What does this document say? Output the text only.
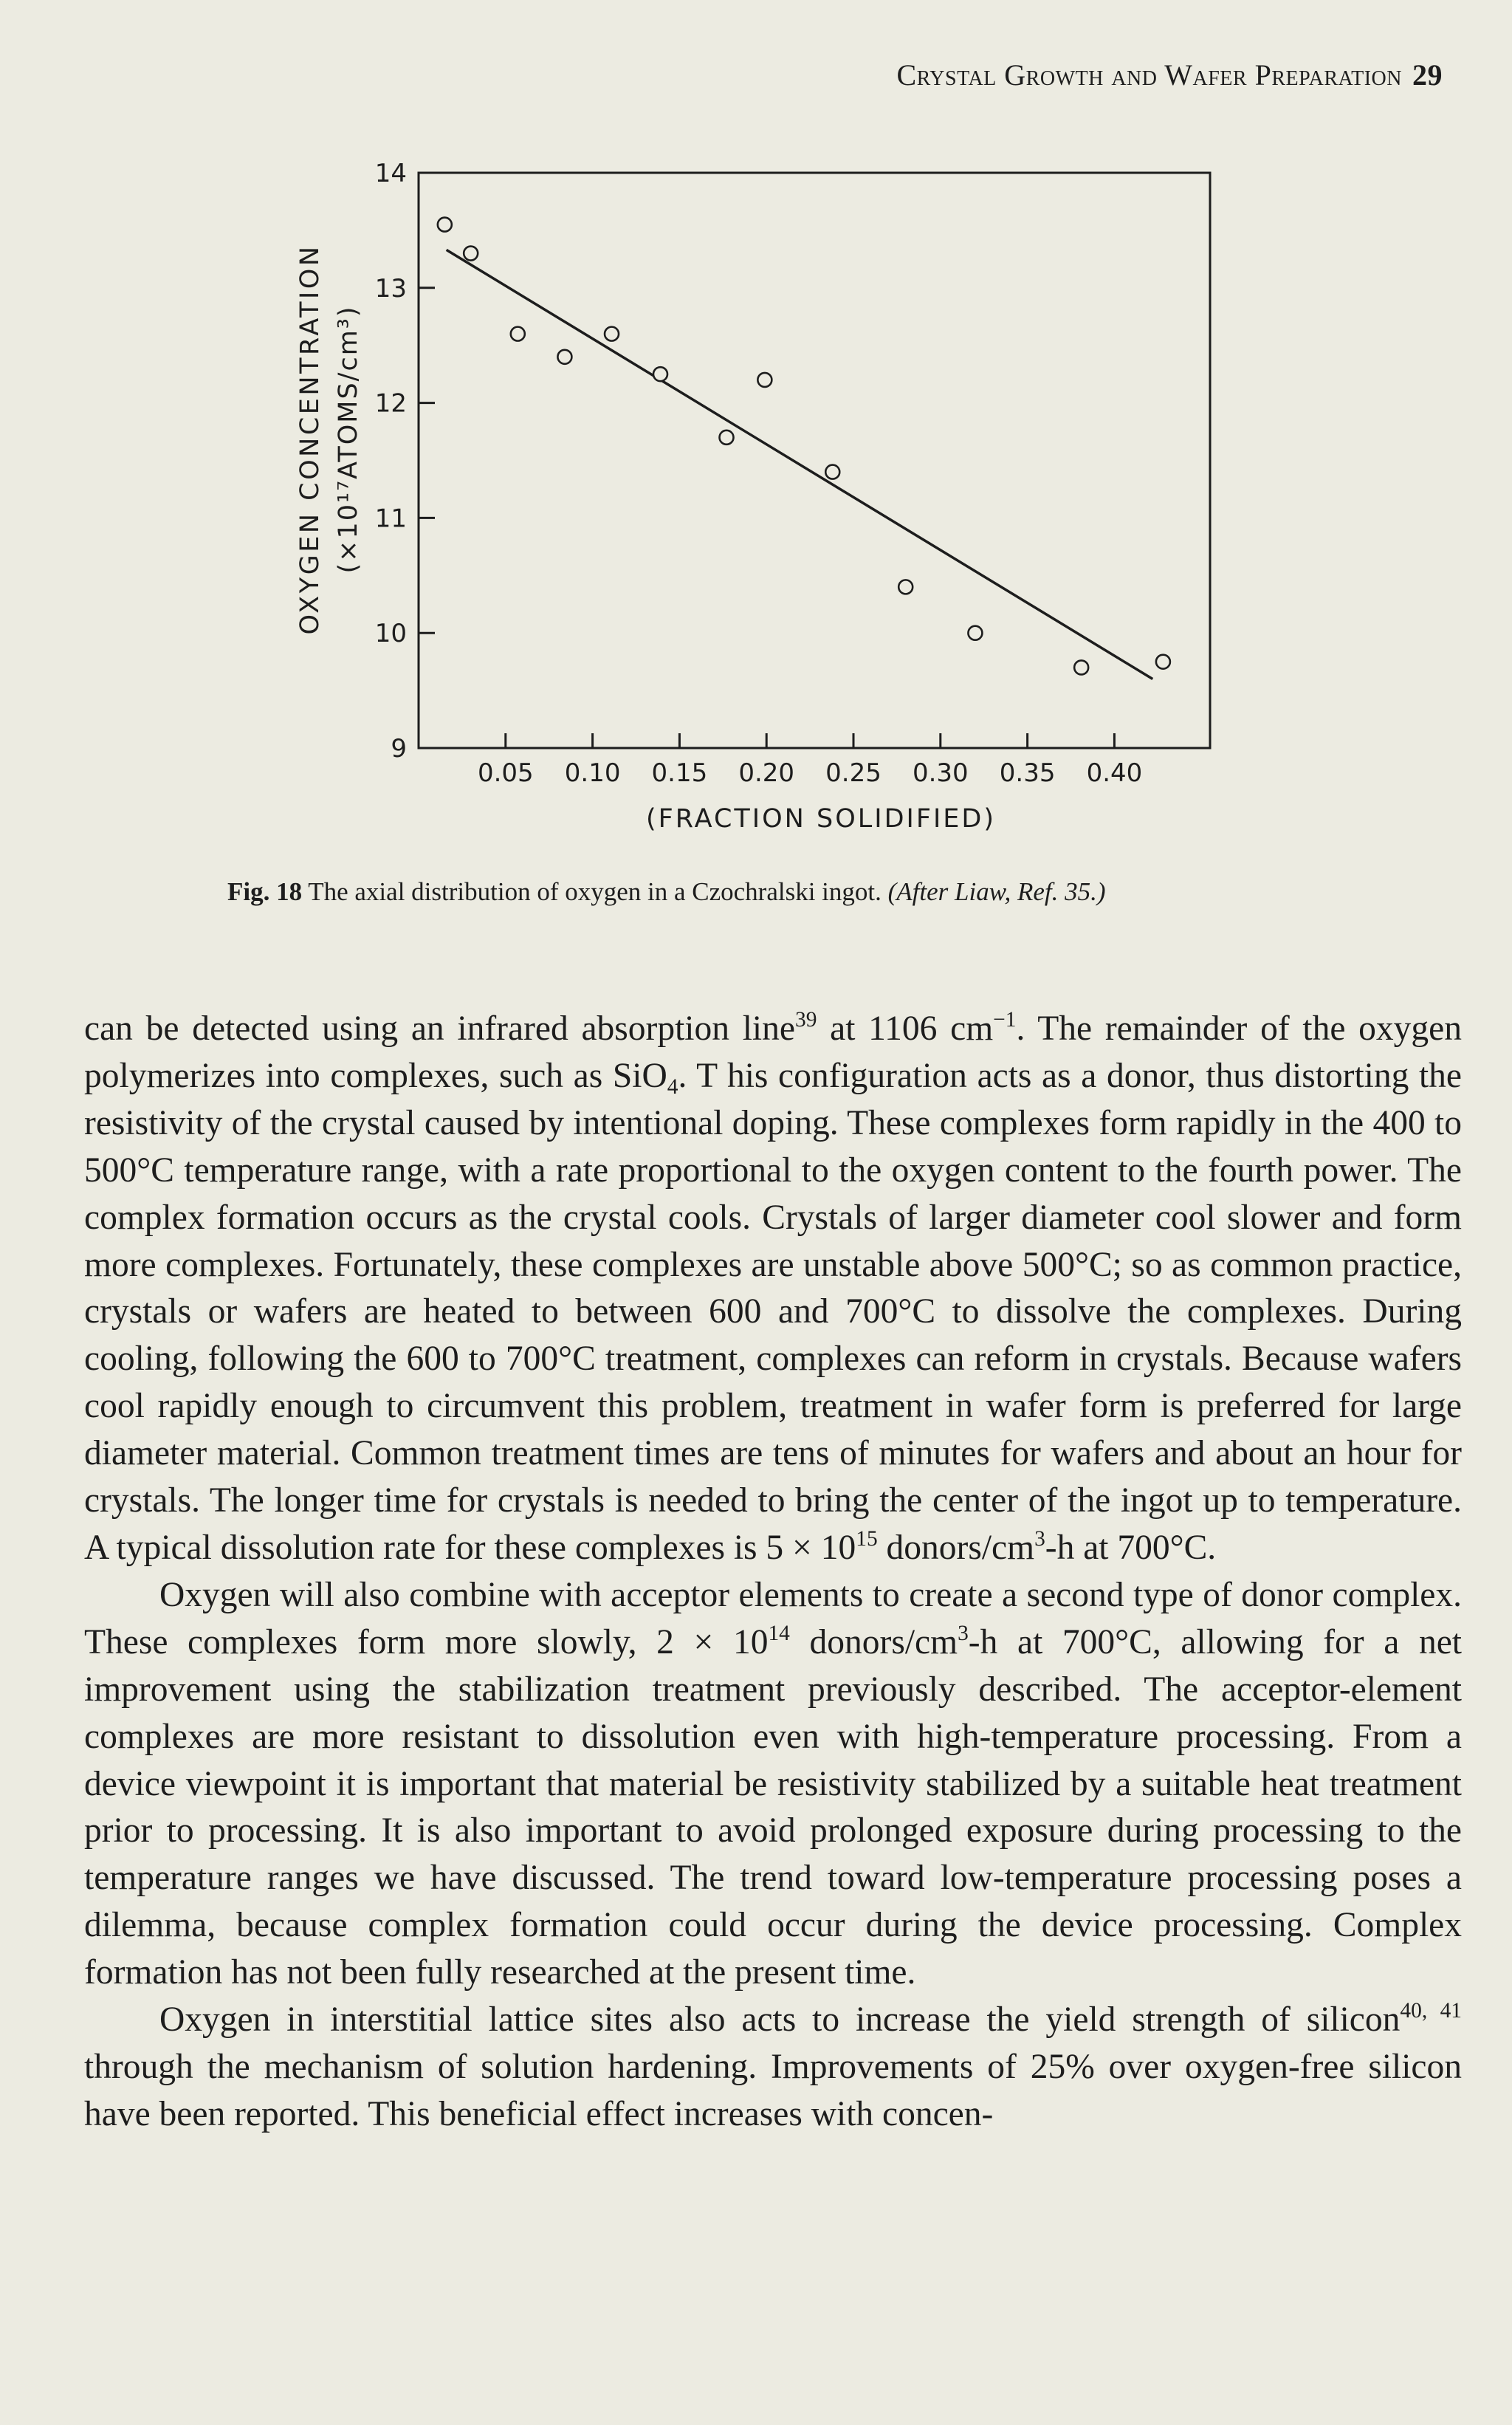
Crystal Growth and Wafer Preparation 29
9
10
11
12
13
14
0.05 0.10 0.15 0.20 0.25 0.30 0.35 0.40
(FRACTION SOLIDIFIED)
OXYGEN CONCENTRATION (×10¹⁷ATOMS/cm³)
Fig. 18 The axial distribution of oxygen in a Czochralski ingot. (After Liaw, Ref. 35.)

can be detected using an infrared absorption line$^{39}$ at 1106 $cm^{-1}$. The remainder of the oxygen polymerizes into complexes, such as SiO$_4$. T his configuration acts as a donor, thus distorting the resistivity of the crystal caused by intentional doping. These complexes form rapidly in the 400 to 500°C temperature range, with a rate proportional to the oxygen content to the fourth power. The complex formation occurs as the crystal cools. Crystals of larger diameter cool slower and form more complexes. Fortunately, these complexes are unstable above 500°C; so as common practice, crystals or wafers are heated to between 600 and 700°C to dissolve the complexes. During cooling, following the 600 to 700°C treatment, complexes can reform in crystals. Because wafers cool rapidly enough to circumvent this problem, treatment in wafer form is preferred for large diameter material. Common treatment times are tens of minutes for wafers and about an hour for crystals. The longer time for crystals is needed to bring the center of the ingot up to temperature. A typical dissolution rate for these complexes is $5 \times 10^{15}$ donors/$cm^3-h$ at 700°C.

Oxygen will also combine with acceptor elements to create a second type of donor complex. These complexes form more slowly, $2 \times 10^{14}$ donors/$cm^3-h$ at 700°C, allowing for a net improvement using the stabilization treatment previously described. The acceptor-element complexes are more resistant to dissolution even with high-temperature processing. From a device viewpoint it is important that material be resistivity stabilized by a suitable heat treatment prior to processing. It is also important to avoid prolonged exposure during processing to the temperature ranges we have discussed. The trend toward low-temperature processing poses a dilemma, because complex formation could occur during the device processing. Complex formation has not been fully researched at the present time.

Oxygen in interstitial lattice sites also acts to increase the yield strength of silicon$^{40, 41}$ through the mechanism of solution hardening. Improvements of 25% over oxygen-free silicon have been reported. This beneficial effect increases with concen-
